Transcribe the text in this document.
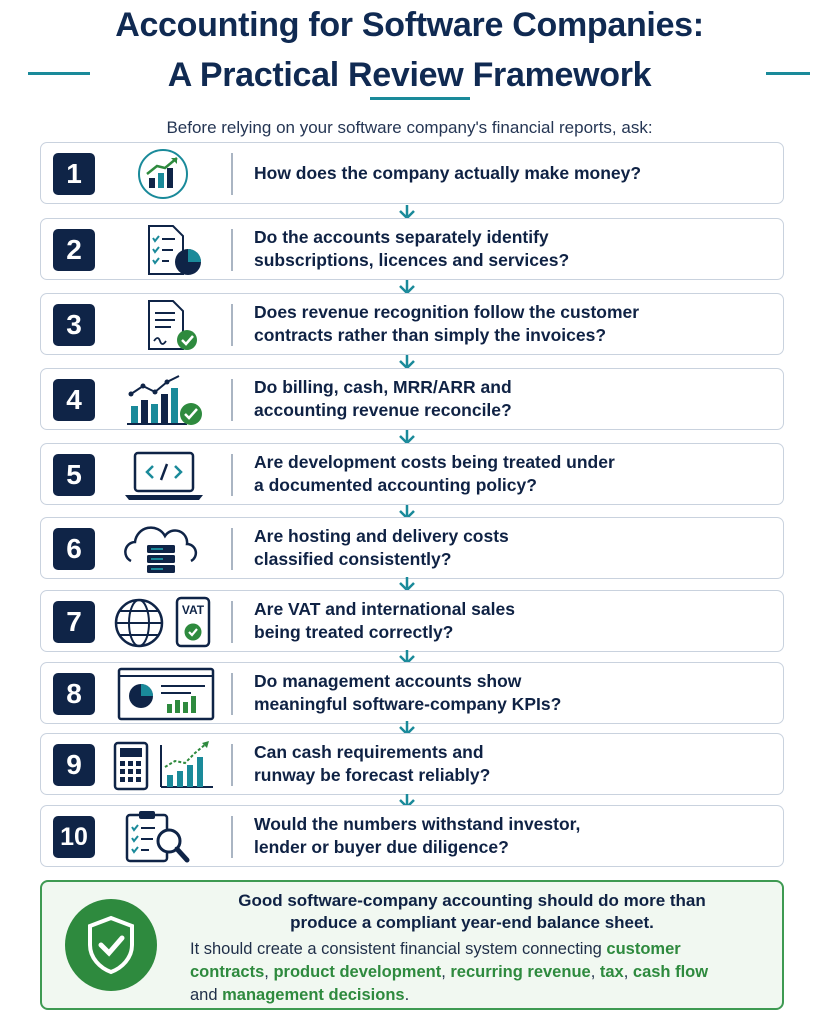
Accounting for Software Companies:
A Practical Review Framework
Before relying on your software company's financial reports, ask:
1	How does the company actually make money?
2	Do the accounts separately identify
subscriptions, licences and services?
3	Does revenue recognition follow the customer
contracts rather than simply the invoices?
4	Do billing, cash, MRR/ARR and
accounting revenue reconcile?
5	Are development costs being treated under
a documented accounting policy?
6	Are hosting and delivery costs
classified consistently?
7	VAT	Are VAT and international sales
being treated correctly?
8	Do management accounts show
meaningful software-company KPIs?
9	Can cash requirements and
runway be forecast reliably?
10	Would the numbers withstand investor,
lender or buyer due diligence?
Good software-company accounting should do more than
produce a compliant year-end balance sheet.
It should create a consistent financial system connecting customer
contracts, product development, recurring revenue, tax, cash flow
and management decisions.
